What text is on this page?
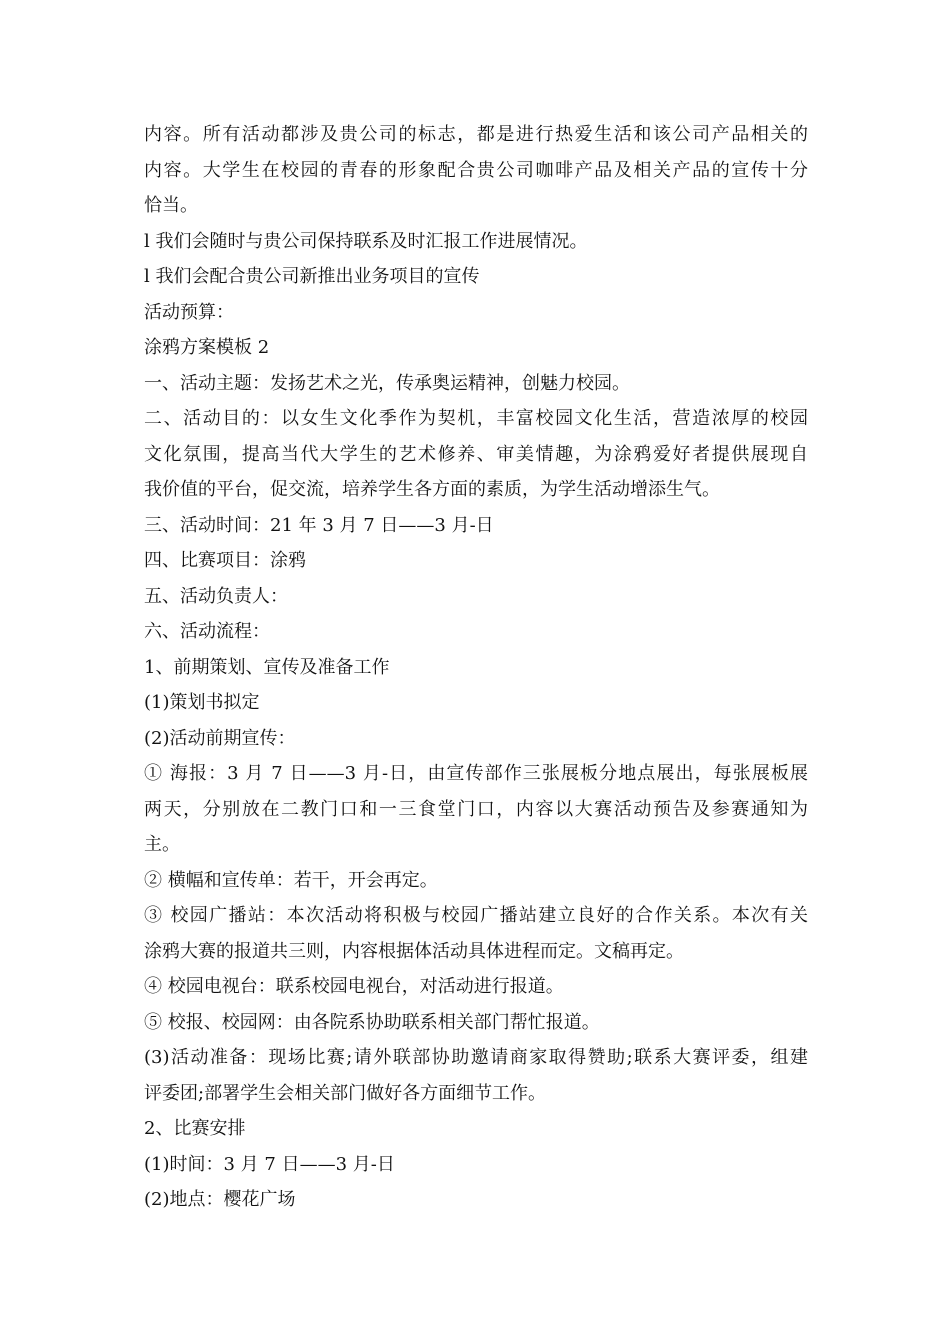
内容。所有活动都涉及贵公司的标志，都是进行热爱生活和该公司产品相关的
内容。大学生在校园的青春的形象配合贵公司咖啡产品及相关产品的宣传十分
恰当。
l 我们会随时与贵公司保持联系及时汇报工作进展情况。
l 我们会配合贵公司新推出业务项目的宣传
活动预算：
涂鸦方案模板 2
一、活动主题：发扬艺术之光，传承奥运精神，创魅力校园。
二、活动目的：以女生文化季作为契机，丰富校园文化生活，营造浓厚的校园
文化氛围，提高当代大学生的艺术修养、审美情趣，为涂鸦爱好者提供展现自
我价值的平台，促交流，培养学生各方面的素质，为学生活动增添生气。
三、活动时间：21 年 3 月 7 日——3 月-日
四、比赛项目：涂鸦
五、活动负责人：
六、活动流程：
1、前期策划、宣传及准备工作
(1)策划书拟定
(2)活动前期宣传：
① 海报：3 月 7 日——3 月-日，由宣传部作三张展板分地点展出，每张展板展
两天，分别放在二教门口和一三食堂门口，内容以大赛活动预告及参赛通知为
主。
② 横幅和宣传单：若干，开会再定。
③ 校园广播站：本次活动将积极与校园广播站建立良好的合作关系。本次有关
涂鸦大赛的报道共三则，内容根据体活动具体进程而定。文稿再定。
④ 校园电视台：联系校园电视台，对活动进行报道。
⑤ 校报、校园网：由各院系协助联系相关部门帮忙报道。
(3)活动准备：现场比赛;请外联部协助邀请商家取得赞助;联系大赛评委，组建
评委团;部署学生会相关部门做好各方面细节工作。
2、比赛安排
(1)时间：3 月 7 日——3 月-日
(2)地点：樱花广场
